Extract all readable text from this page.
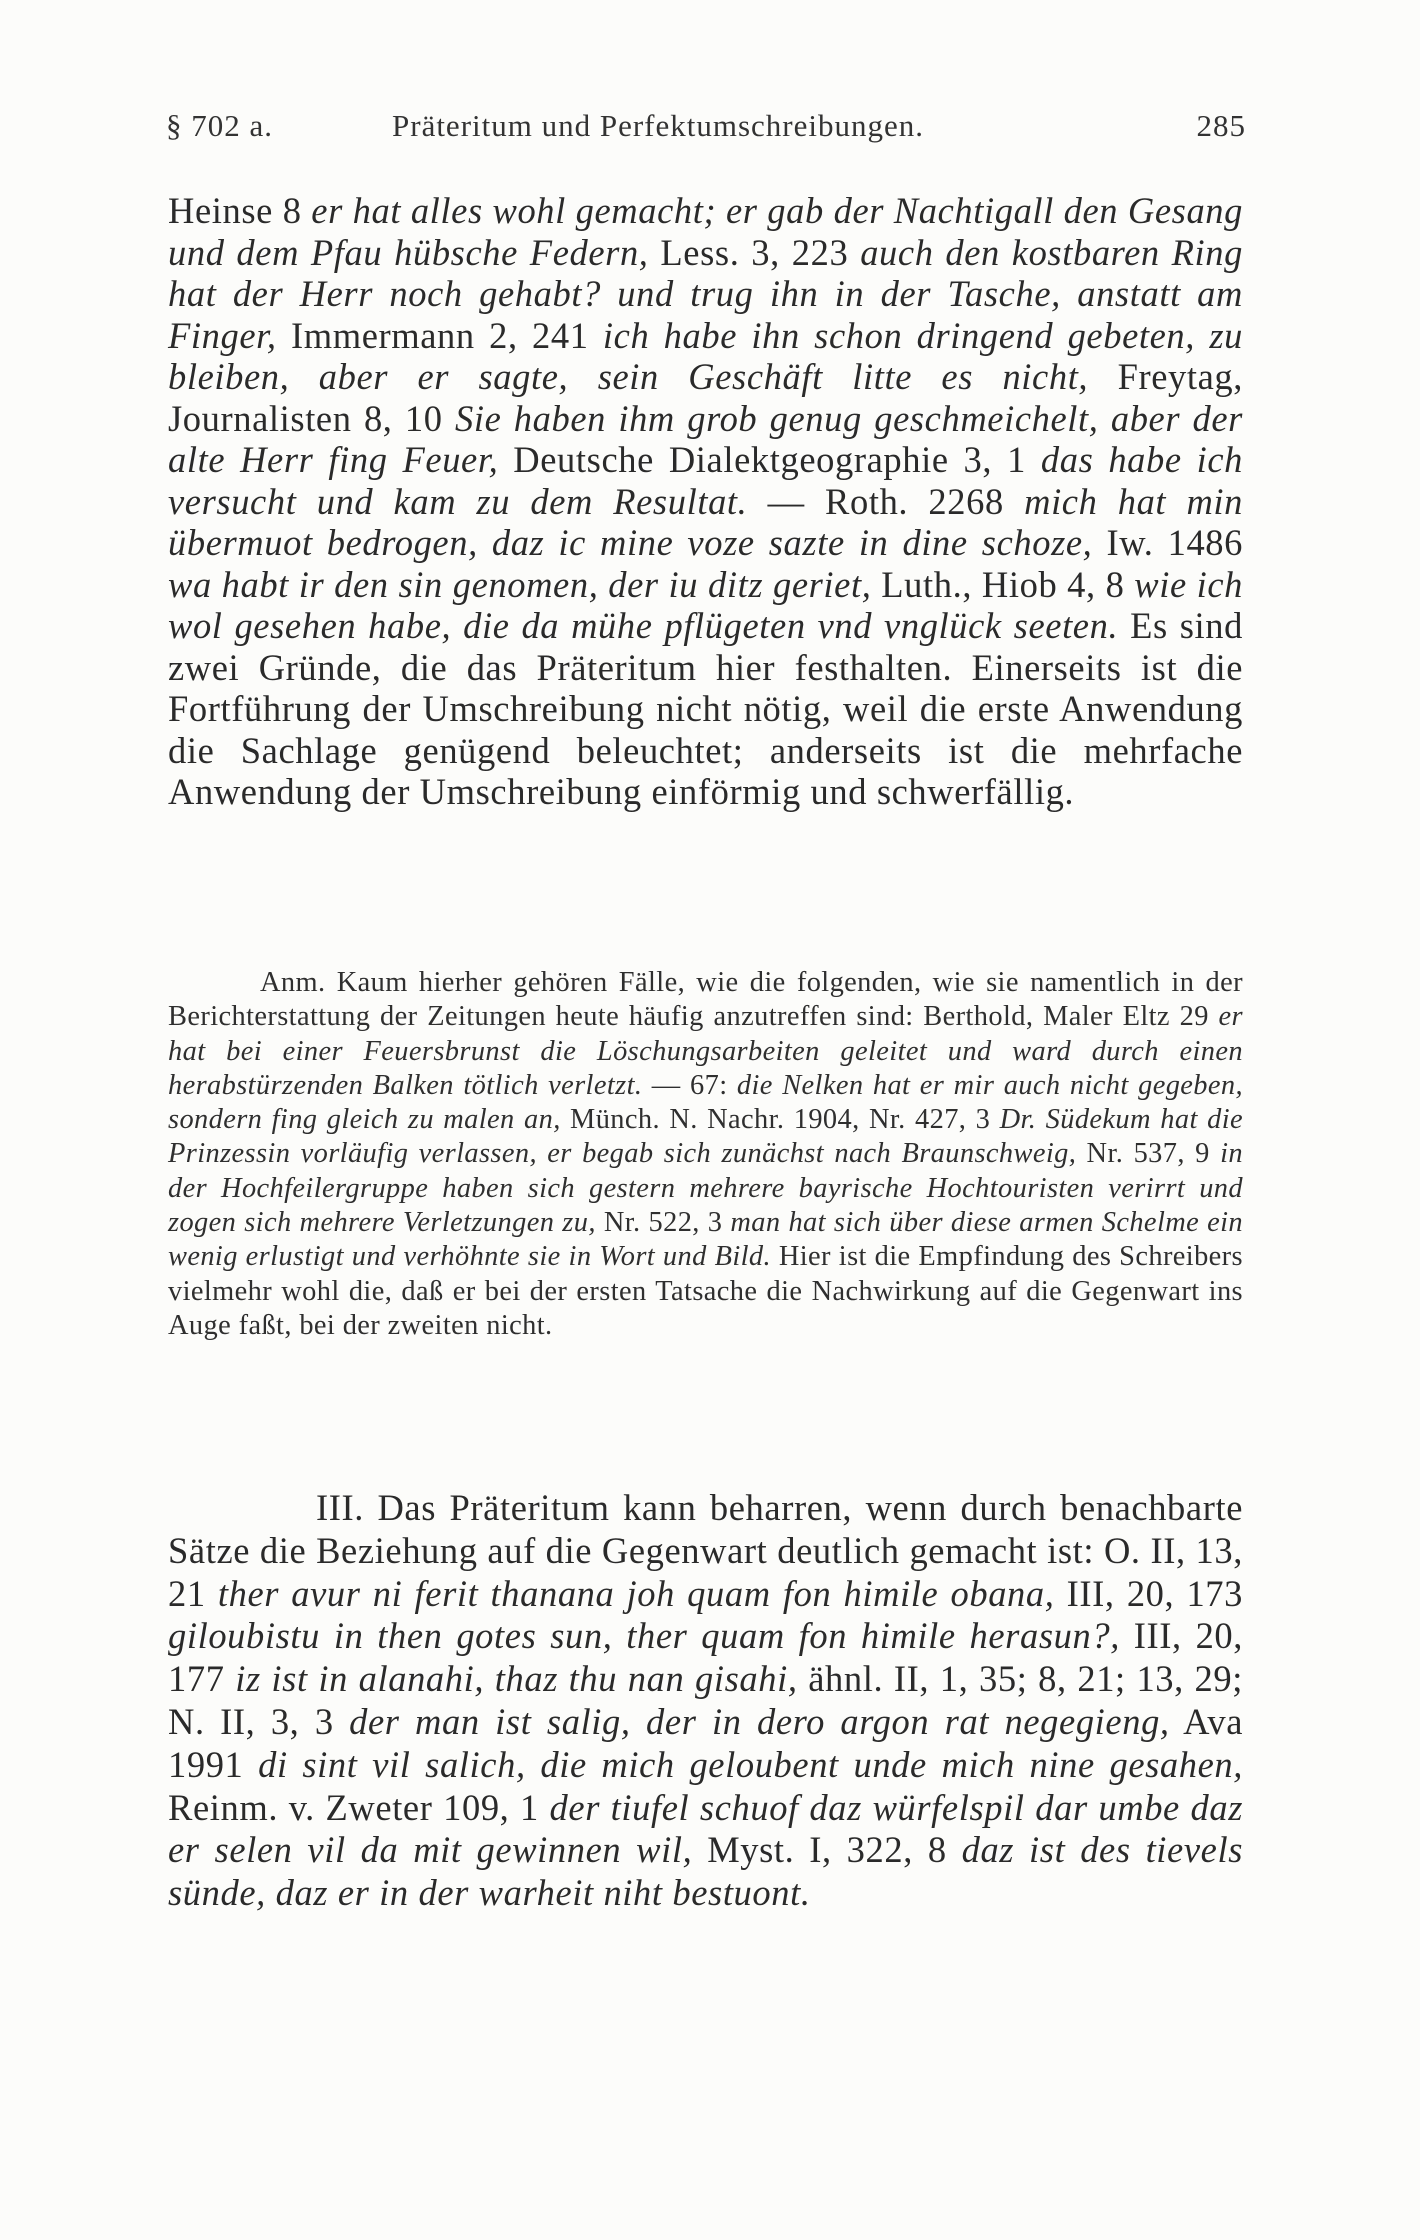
§ 702 a.	Präteritum und Perfektumschreibungen.	285

Heinse 8 er hat alles wohl gemacht; er gab der Nachtigall den Gesang und dem Pfau hübsche Federn, Less. 3, 223 auch den kostbaren Ring hat der Herr noch gehabt? und trug ihn in der Tasche, anstatt am Finger, Immermann 2, 241 ich habe ihn schon dringend gebeten, zu bleiben, aber er sagte, sein Geschäft litte es nicht, Freytag, Journalisten 8, 10 Sie haben ihm grob genug geschmeichelt, aber der alte Herr fing Feuer, Deutsche Dialektgeographie 3, 1 das habe ich versucht und kam zu dem Resultat. — Roth. 2268 mich hat min übermuot bedrogen, daz ic mine voze sazte in dine schoze, Iw. 1486 wa habt ir den sin genomen, der iu ditz geriet, Luth., Hiob 4, 8 wie ich wol gesehen habe, die da mühe pflügeten vnd vnglück seeten. Es sind zwei Gründe, die das Präteritum hier festhalten. Einerseits ist die Fortführung der Umschreibung nicht nötig, weil die erste Anwendung die Sachlage genügend beleuchtet; anderseits ist die mehrfache Anwendung der Umschreibung einförmig und schwerfällig.

Anm. Kaum hierher gehören Fälle, wie die folgenden, wie sie namentlich in der Berichterstattung der Zeitungen heute häufig anzutreffen sind: Berthold, Maler Eltz 29 er hat bei einer Feuersbrunst die Löschungsarbeiten geleitet und ward durch einen herabstürzenden Balken tötlich verletzt. — 67: die Nelken hat er mir auch nicht gegeben, sondern fing gleich zu malen an, Münch. N. Nachr. 1904, Nr. 427, 3 Dr. Südekum hat die Prinzessin vorläufig verlassen, er begab sich zunächst nach Braunschweig, Nr. 537, 9 in der Hochfeilergruppe haben sich gestern mehrere bayrische Hochtouristen verirrt und zogen sich mehrere Verletzungen zu, Nr. 522, 3 man hat sich über diese armen Schelme ein wenig erlustigt und verhöhnte sie in Wort und Bild. Hier ist die Empfindung des Schreibers vielmehr wohl die, daß er bei der ersten Tatsache die Nachwirkung auf die Gegenwart ins Auge faßt, bei der zweiten nicht.

III. Das Präteritum kann beharren, wenn durch benachbarte Sätze die Beziehung auf die Gegenwart deutlich gemacht ist: O. II, 13, 21 ther avur ni ferit thanana joh quam fon himile obana, III, 20, 173 giloubistu in then gotes sun, ther quam fon himile herasun?, III, 20, 177 iz ist in alanahi, thaz thu nan gisahi, ähnl. II, 1, 35; 8, 21; 13, 29; N. II, 3, 3 der man ist salig, der in dero argon rat negegieng, Ava 1991 di sint vil salich, die mich geloubent unde mich nine gesahen, Reinm. v. Zweter 109, 1 der tiufel schuof daz würfelspil dar umbe daz er selen vil da mit gewinnen wil, Myst. I, 322, 8 daz ist des tievels sünde, daz er in der warheit niht bestuont.
